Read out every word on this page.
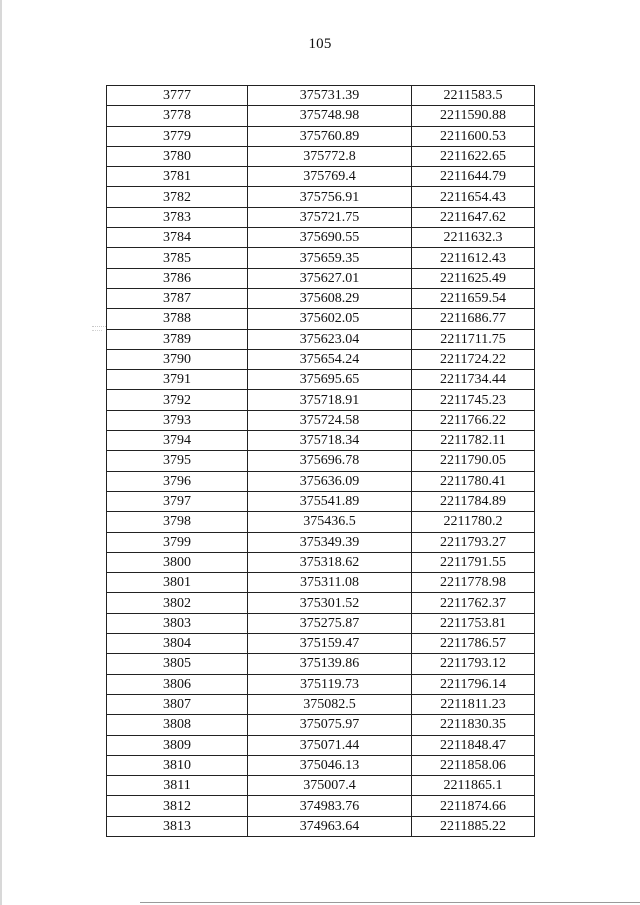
105
3777	375731.39	2211583.5
3778	375748.98	2211590.88
3779	375760.89	2211600.53
3780	375772.8	2211622.65
3781	375769.4	2211644.79
3782	375756.91	2211654.43
3783	375721.75	2211647.62
3784	375690.55	2211632.3
3785	375659.35	2211612.43
3786	375627.01	2211625.49
3787	375608.29	2211659.54
3788	375602.05	2211686.77
3789	375623.04	2211711.75
3790	375654.24	2211724.22
3791	375695.65	2211734.44
3792	375718.91	2211745.23
3793	375724.58	2211766.22
3794	375718.34	2211782.11
3795	375696.78	2211790.05
3796	375636.09	2211780.41
3797	375541.89	2211784.89
3798	375436.5	2211780.2
3799	375349.39	2211793.27
3800	375318.62	2211791.55
3801	375311.08	2211778.98
3802	375301.52	2211762.37
3803	375275.87	2211753.81
3804	375159.47	2211786.57
3805	375139.86	2211793.12
3806	375119.73	2211796.14
3807	375082.5	2211811.23
3808	375075.97	2211830.35
3809	375071.44	2211848.47
3810	375046.13	2211858.06
3811	375007.4	2211865.1
3812	374983.76	2211874.66
3813	374963.64	2211885.22
